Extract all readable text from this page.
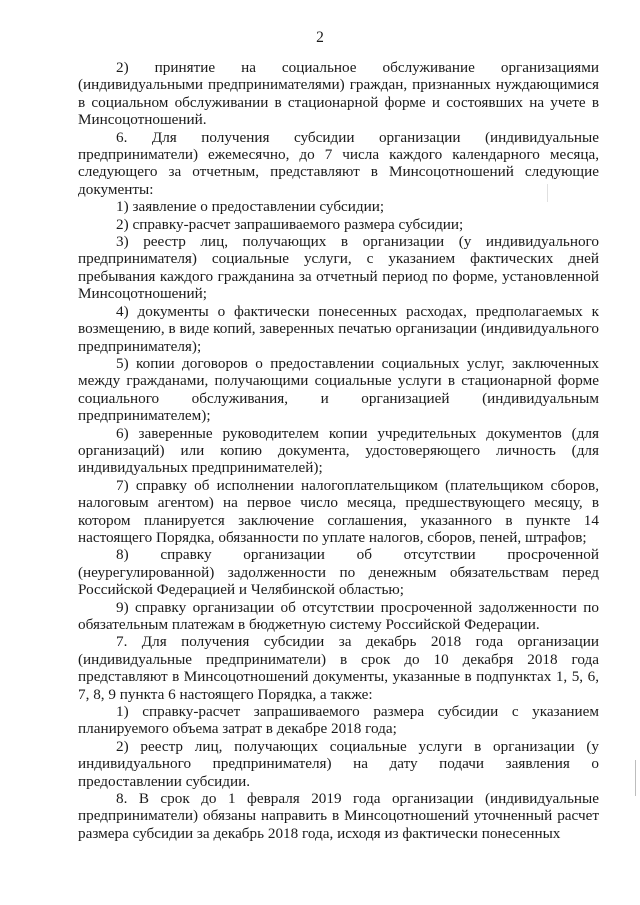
2

2) принятие на социальное обслуживание организациями (индивидуальными предпринимателями) граждан, признанных нуждающимися в социальном обслуживании в стационарной форме и состоявших на учете в Минсоцотношений.

6. Для получения субсидии организации (индивидуальные предприниматели) ежемесячно, до 7 числа каждого календарного месяца, следующего за отчетным, представляют в Минсоцотношений следующие документы:

1) заявление о предоставлении субсидии;

2) справку-расчет запрашиваемого размера субсидии;

3) реестр лиц, получающих в организации (у индивидуального предпринимателя) социальные услуги, с указанием фактических дней пребывания каждого гражданина за отчетный период по форме, установленной Минсоцотношений;

4) документы о фактически понесенных расходах, предполагаемых к возмещению, в виде копий, заверенных печатью организации (индивидуального предпринимателя);

5) копии договоров о предоставлении социальных услуг, заключенных между гражданами, получающими социальные услуги в стационарной форме социального обслуживания, и организацией (индивидуальным предпринимателем);

6) заверенные руководителем копии учредительных документов (для организаций) или копию документа, удостоверяющего личность (для индивидуальных предпринимателей);

7) справку об исполнении налогоплательщиком (плательщиком сборов, налоговым агентом) на первое число месяца, предшествующего месяцу, в котором планируется заключение соглашения, указанного в пункте 14 настоящего Порядка, обязанности по уплате налогов, сборов, пеней, штрафов;

8) справку организации об отсутствии просроченной (неурегулированной) задолженности по денежным обязательствам перед Российской Федерацией и Челябинской областью;

9) справку организации об отсутствии просроченной задолженности по обязательным платежам в бюджетную систему Российской Федерации.

7. Для получения субсидии за декабрь 2018 года организации (индивидуальные предприниматели) в срок до 10 декабря 2018 года представляют в Минсоцотношений документы, указанные в подпунктах 1, 5, 6, 7, 8, 9 пункта 6 настоящего Порядка, а также:

1) справку-расчет запрашиваемого размера субсидии с указанием планируемого объема затрат в декабре 2018 года;

2) реестр лиц, получающих социальные услуги в организации (у индивидуального предпринимателя) на дату подачи заявления о предоставлении субсидии.

8. В срок до 1 февраля 2019 года организации (индивидуальные предприниматели) обязаны направить в Минсоцотношений уточненный расчет размера субсидии за декабрь 2018 года, исходя из фактически понесенных
